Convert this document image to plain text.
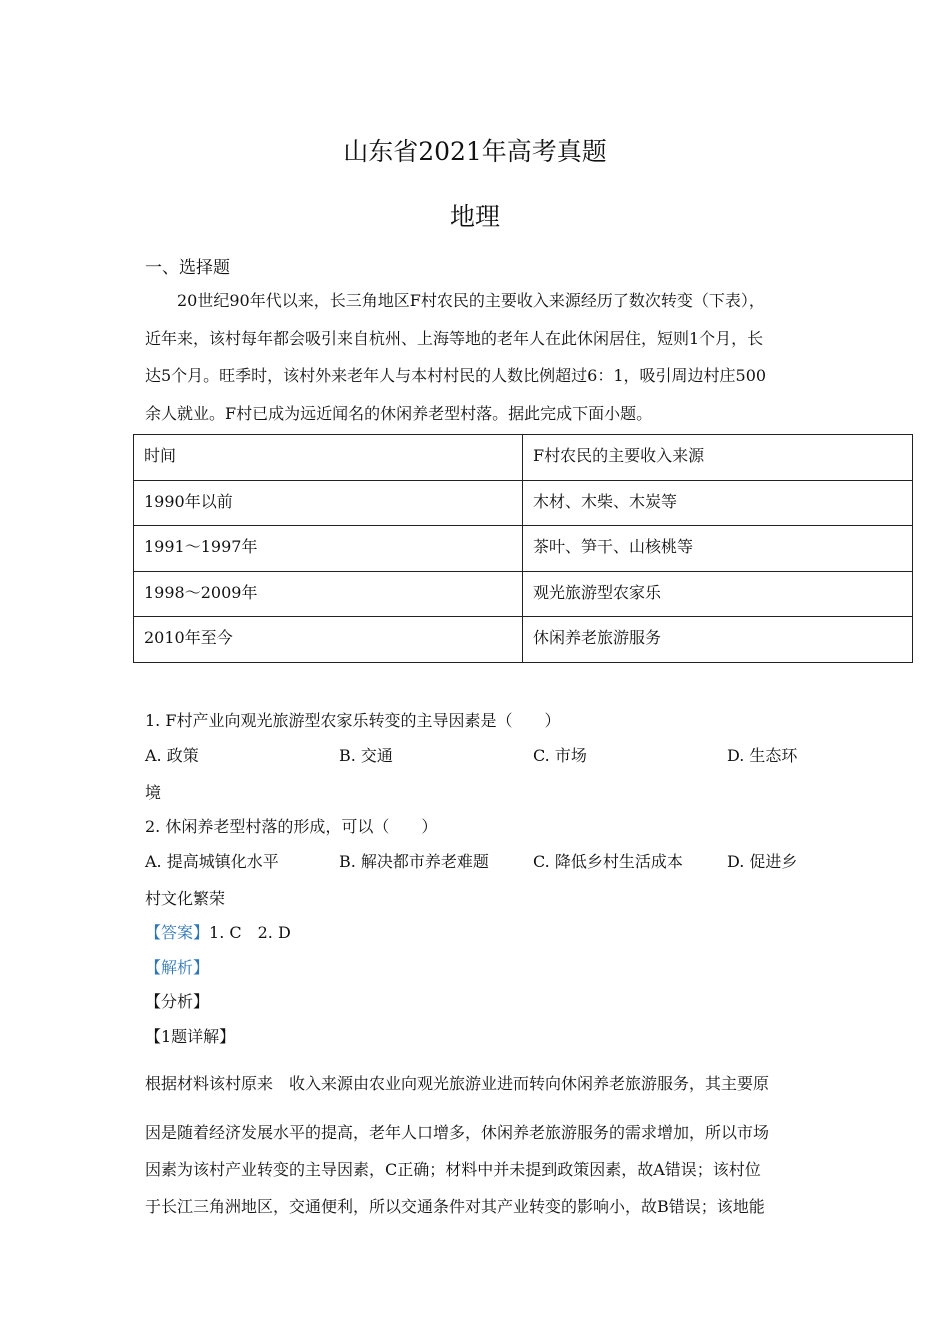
山东省2021年高考真题
地理
一、选择题
20世纪90年代以来，长三角地区F村农民的主要收入来源经历了数次转变（下表），
近年来，该村每年都会吸引来自杭州、上海等地的老年人在此休闲居住，短则1个月，长
达5个月。旺季时，该村外来老年人与本村村民的人数比例超过6：1，吸引周边村庄500
余人就业。F村已成为远近闻名的休闲养老型村落。据此完成下面小题。
时间	F村农民的主要收入来源
1990年以前	木材、木柴、木炭等
1991～1997年	茶叶、笋干、山核桃等
1998～2009年	观光旅游型农家乐
2010年至今	休闲养老旅游服务
1. F村产业向观光旅游型农家乐转变的主导因素是（　　）
A. 政策	B. 交通	C. 市场	D. 生态环
境
2. 休闲养老型村落的形成，可以（　　）
A. 提高城镇化水平	B. 解决都市养老难题	C. 降低乡村生活成本	D. 促进乡
村文化繁荣
【答案】1. C　2. D
【解析】
【分析】
【1题详解】
根据材料该村原来　收入来源由农业向观光旅游业进而转向休闲养老旅游服务，其主要原
因是随着经济发展水平的提高，老年人口增多，休闲养老旅游服务的需求增加，所以市场
因素为该村产业转变的主导因素，C正确；材料中并未提到政策因素，故A错误；该村位
于长江三角洲地区，交通便利，所以交通条件对其产业转变的影响小，故B错误；该地能
